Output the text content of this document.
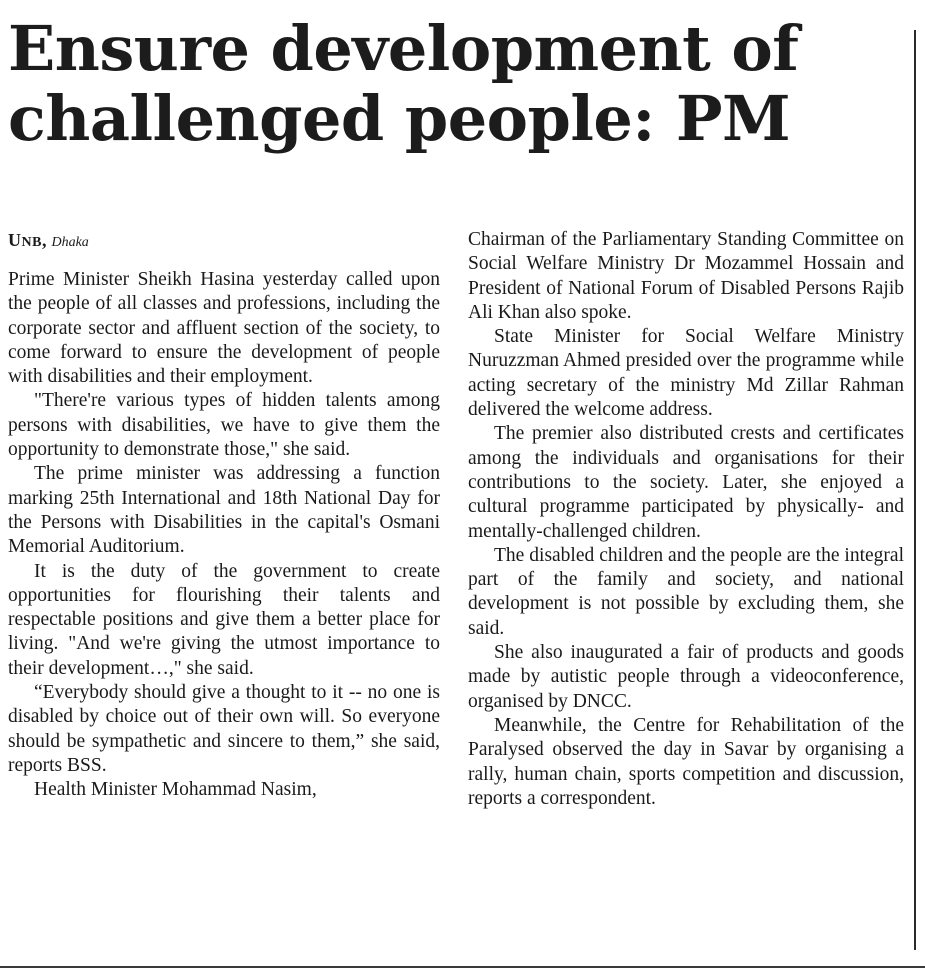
Ensure development of
challenged people: PM
UNB, Dhaka

Prime Minister Sheikh Hasina yesterday called upon the people of all classes and professions, including the corporate sector and affluent section of the society, to come forward to ensure the development of people with disabilities and their employment.

"There're various types of hidden talents among persons with disabilities, we have to give them the opportunity to demonstrate those," she said.

The prime minister was addressing a function marking 25th International and 18th National Day for the Persons with Disabilities in the capital's Osmani Memorial Auditorium.

It is the duty of the government to create opportunities for flourishing their talents and respectable positions and give them a better place for living. "And we're giving the utmost importance to their development…," she said.

“Everybody should give a thought to it -- no one is disabled by choice out of their own will. So everyone should be sympathetic and sincere to them,” she said, reports BSS.

Health Minister Mohammad Nasim,

Chairman of the Parliamentary Standing Committee on Social Welfare Ministry Dr Mozammel Hossain and President of National Forum of Disabled Persons Rajib Ali Khan also spoke.

State Minister for Social Welfare Ministry Nuruzzman Ahmed presided over the programme while acting secretary of the ministry Md Zillar Rahman delivered the welcome address.

The premier also distributed crests and certificates among the individuals and organisations for their contributions to the society. Later, she enjoyed a cultural programme participated by physically- and mentally-challenged children.

The disabled children and the people are the integral part of the family and society, and national development is not possible by excluding them, she said.

She also inaugurated a fair of products and goods made by autistic people through a videoconference, organised by DNCC.

Meanwhile, the Centre for Rehabilitation of the Paralysed observed the day in Savar by organising a rally, human chain, sports competition and discussion, reports a correspondent.
